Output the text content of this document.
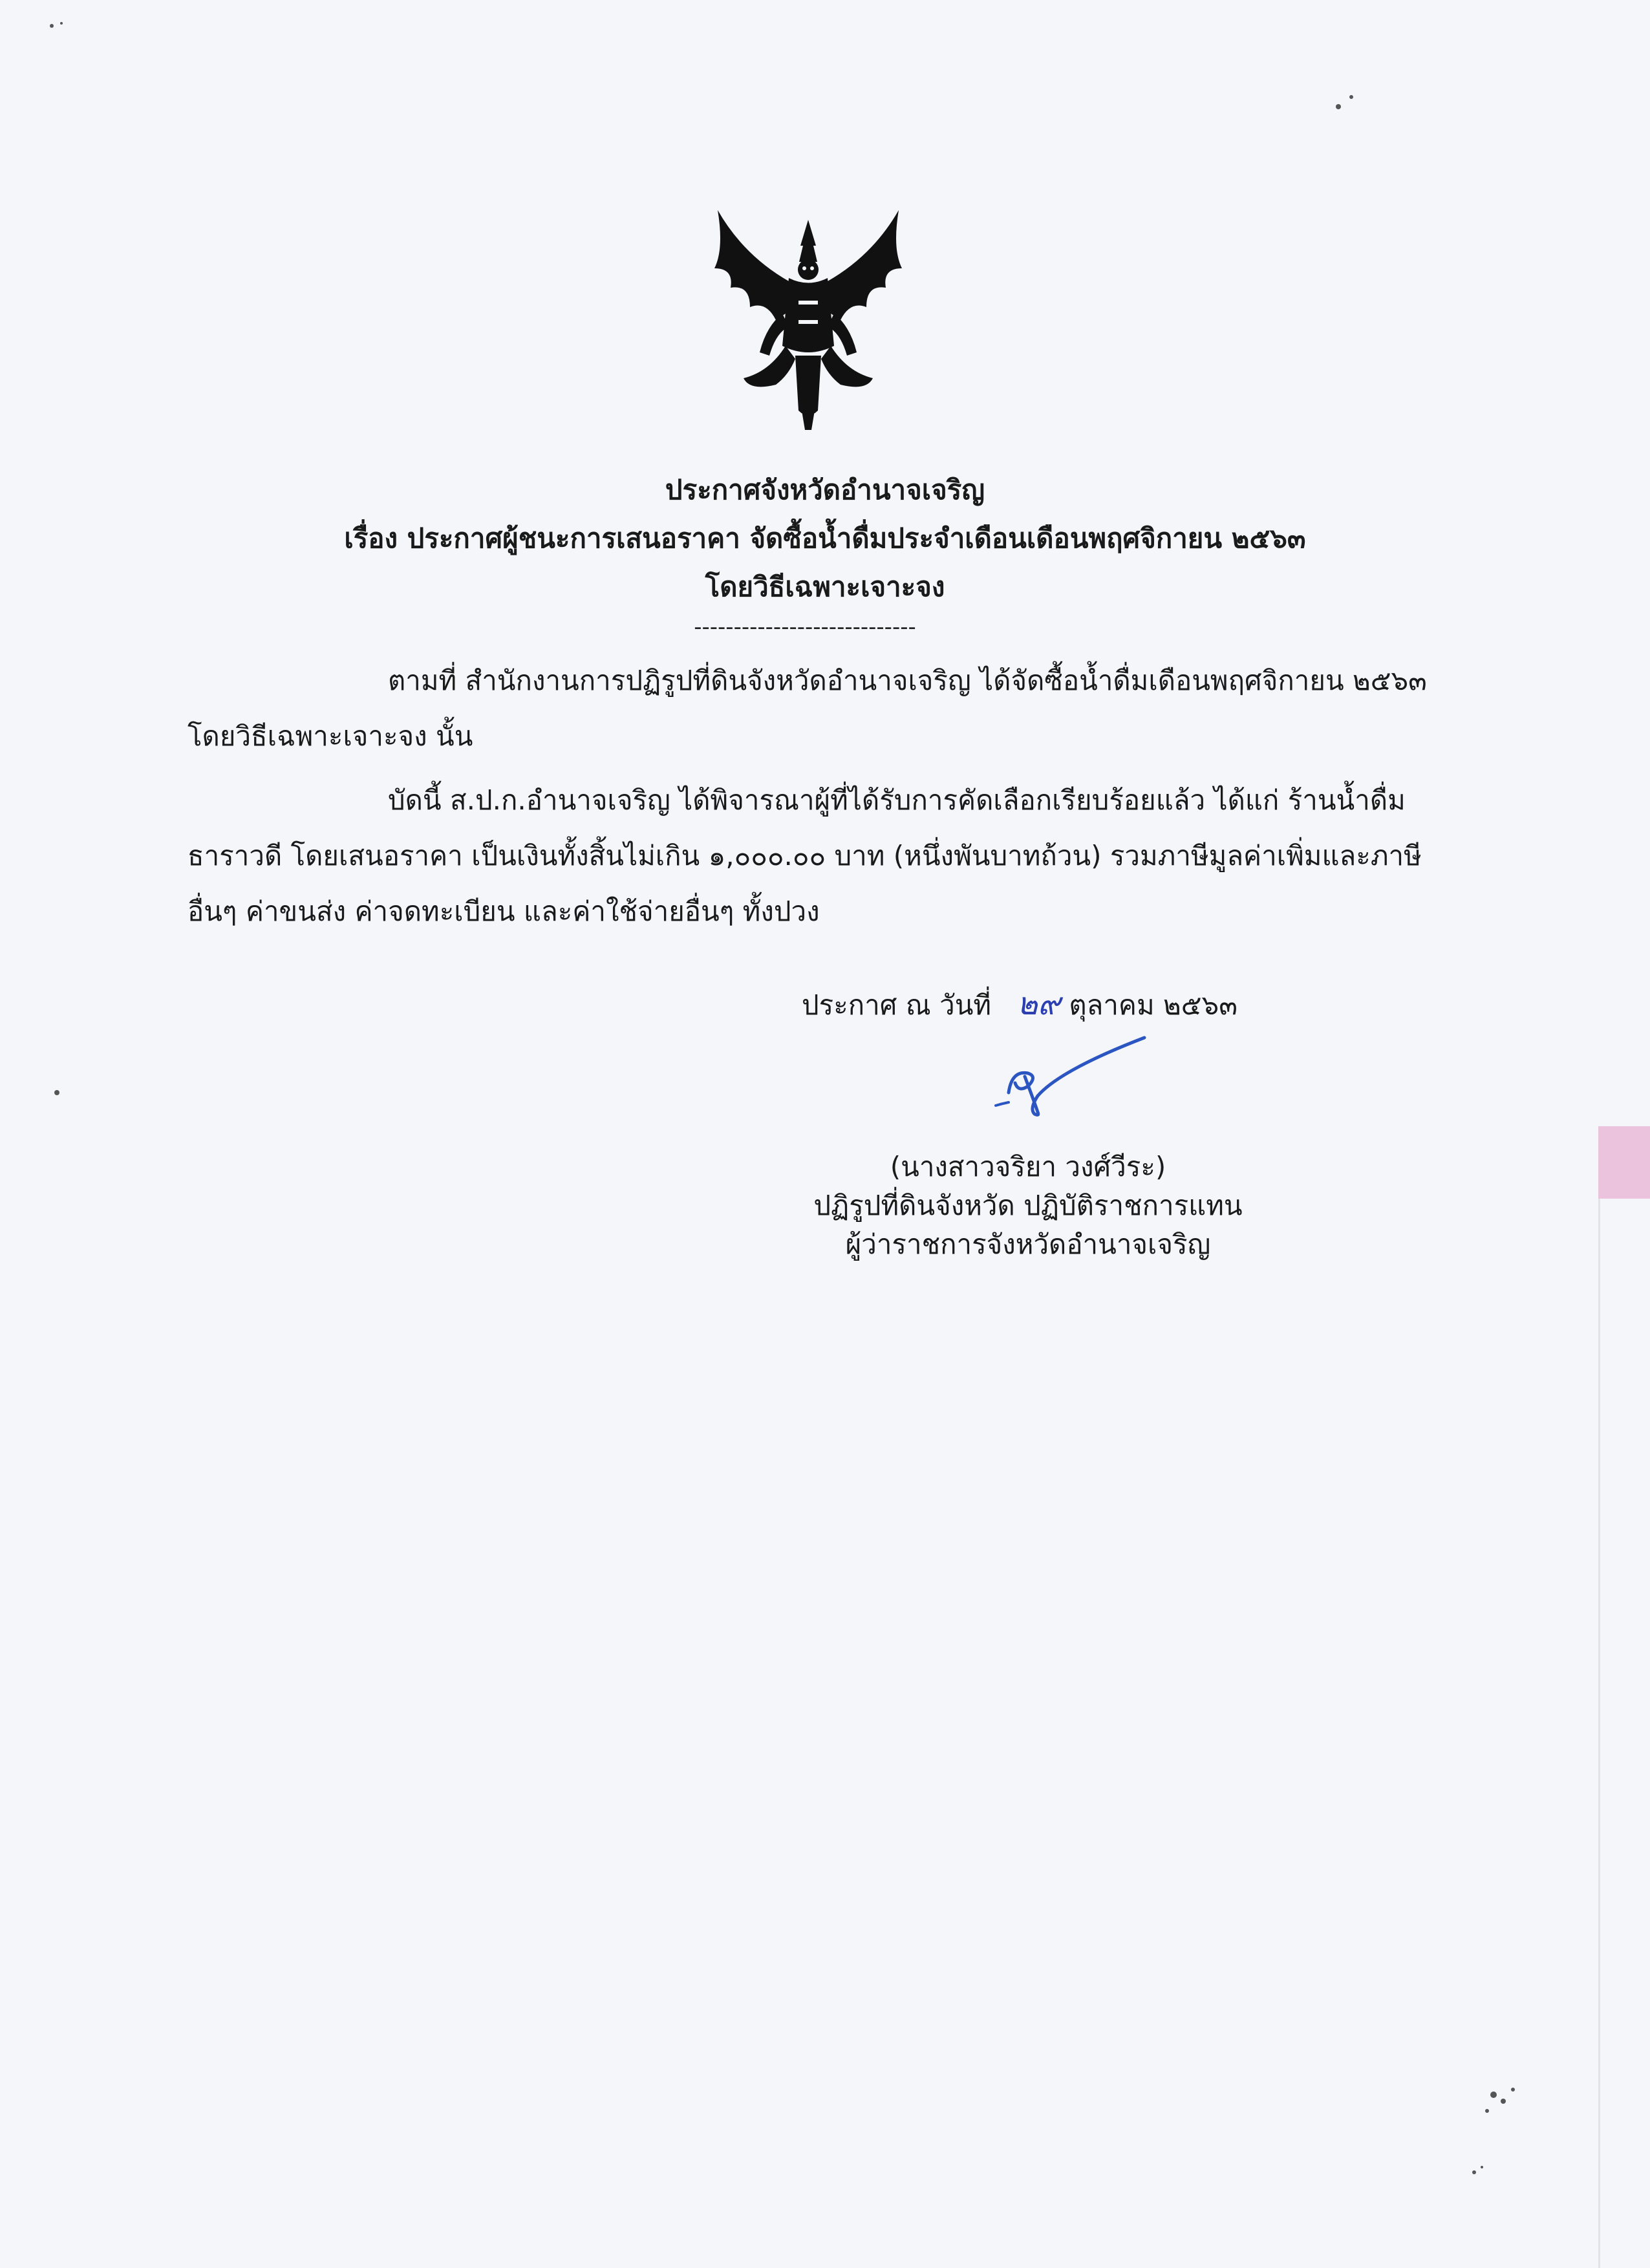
ประกาศจังหวัดอำนาจเจริญ
เรื่อง ประกาศผู้ชนะการเสนอราคา จัดซื้อน้ำดื่มประจำเดือนเดือนพฤศจิกายน ๒๕๖๓
โดยวิธีเฉพาะเจาะจง
----------------------------
ตามที่ สำนักงานการปฏิรูปที่ดินจังหวัดอำนาจเจริญ ได้จัดซื้อน้ำดื่มเดือนพฤศจิกายน ๒๕๖๓
โดยวิธีเฉพาะเจาะจง นั้น
บัดนี้ ส.ป.ก.อำนาจเจริญ ได้พิจารณาผู้ที่ได้รับการคัดเลือกเรียบร้อยแล้ว ได้แก่ ร้านน้ำดื่ม
ธาราวดี โดยเสนอราคา เป็นเงินทั้งสิ้นไม่เกิน ๑,๐๐๐.๐๐ บาท (หนึ่งพันบาทถ้วน) รวมภาษีมูลค่าเพิ่มและภาษี
อื่นๆ ค่าขนส่ง ค่าจดทะเบียน และค่าใช้จ่ายอื่นๆ ทั้งปวง
ประกาศ ณ วันที่ ๒๙ ตุลาคม ๒๕๖๓
(นางสาวจริยา วงศ์วีระ)
ปฏิรูปที่ดินจังหวัด ปฏิบัติราชการแทน
ผู้ว่าราชการจังหวัดอำนาจเจริญ
